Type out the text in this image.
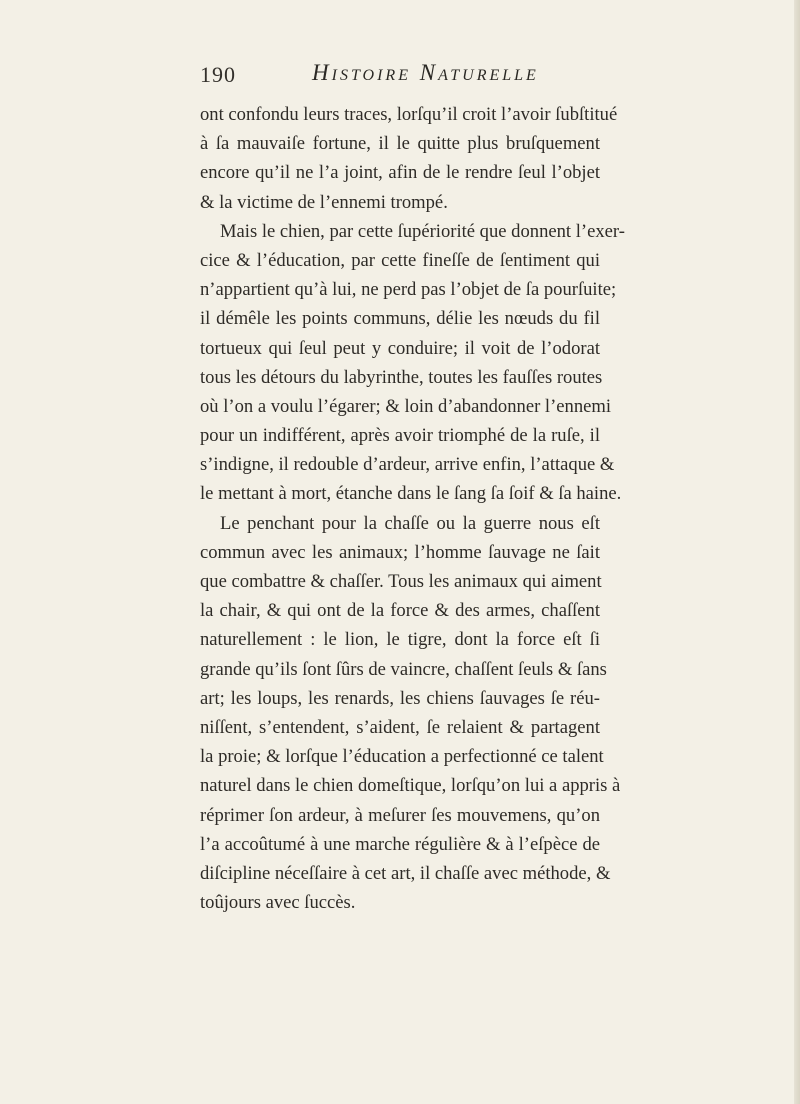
190	Histoire Naturelle
ont confondu leurs traces, lorſqu’il croit l’avoir ſubſtitué
à ſa mauvaiſe fortune, il le quitte plus bruſquement
encore qu’il ne l’a joint, afin de le rendre ſeul l’objet
& la victime de l’ennemi trompé.
Mais le chien, par cette ſupériorité que donnent l’exer-
cice & l’éducation, par cette fineſſe de ſentiment qui
n’appartient qu’à lui, ne perd pas l’objet de ſa pourſuite;
il démêle les points communs, délie les nœuds du fil
tortueux qui ſeul peut y conduire; il voit de l’odorat
tous les détours du labyrinthe, toutes les fauſſes routes
où l’on a voulu l’égarer; & loin d’abandonner l’ennemi
pour un indifférent, après avoir triomphé de la ruſe, il
s’indigne, il redouble d’ardeur, arrive enfin, l’attaque &
le mettant à mort, étanche dans le ſang ſa ſoif & ſa haine.
Le penchant pour la chaſſe ou la guerre nous eſt
commun avec les animaux; l’homme ſauvage ne ſait
que combattre & chaſſer. Tous les animaux qui aiment
la chair, & qui ont de la force & des armes, chaſſent
naturellement : le lion, le tigre, dont la force eſt ſi
grande qu’ils ſont ſûrs de vaincre, chaſſent ſeuls & ſans
art; les loups, les renards, les chiens ſauvages ſe réu-
niſſent, s’entendent, s’aident, ſe relaient & partagent
la proie; & lorſque l’éducation a perfectionné ce talent
naturel dans le chien domeſtique, lorſqu’on lui a appris à
réprimer ſon ardeur, à meſurer ſes mouvemens, qu’on
l’a accoûtumé à une marche régulière & à l’eſpèce de
diſcipline néceſſaire à cet art, il chaſſe avec méthode, &
toûjours avec ſuccès.
